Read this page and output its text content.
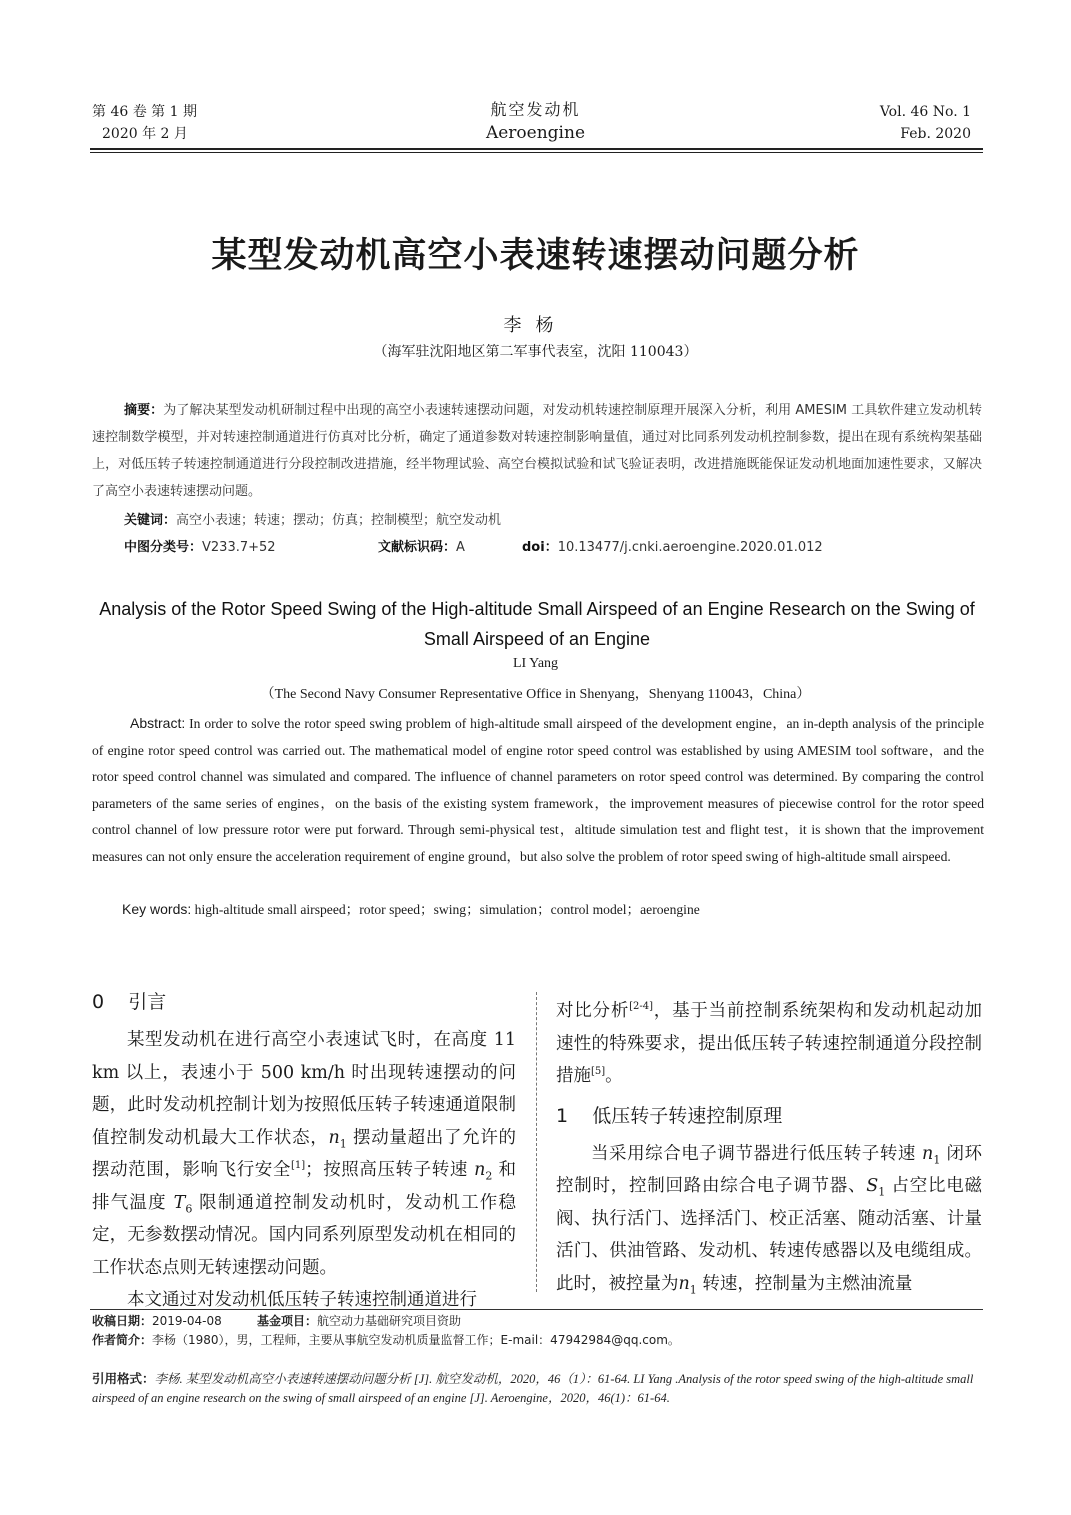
第 46 卷 第 1 期
2020 年 2 月
航空发动机
Aeroengine
Vol. 46 No. 1
Feb. 2020
某型发动机高空小表速转速摆动问题分析
李杨
（海军驻沈阳地区第二军事代表室，沈阳 110043）
摘要：为了解决某型发动机研制过程中出现的高空小表速转速摆动问题，对发动机转速控制原理开展深入分析，利用 AMESIM 工具软件建立发动机转速控制数学模型，并对转速控制通道进行仿真对比分析，确定了通道参数对转速控制影响量值，通过对比同系列发动机控制参数，提出在现有系统构架基础上，对低压转子转速控制通道进行分段控制改进措施，经半物理试验、高空台模拟试验和试飞验证表明，改进措施既能保证发动机地面加速性要求，又解决了高空小表速转速摆动问题。
关键词：高空小表速；转速；摆动；仿真；控制模型；航空发动机
中图分类号：V233.7+52	文献标识码：A	doi：10.13477/j.cnki.aeroengine.2020.01.012
Analysis of the Rotor Speed Swing of the High-altitude Small Airspeed of an Engine Research on the Swing of Small Airspeed of an Engine
LI Yang
（The Second Navy Consumer Representative Office in Shenyang，Shenyang 110043，China）
Abstract: In order to solve the rotor speed swing problem of high-altitude small airspeed of the development engine，an in-depth analysis of the principle of engine rotor speed control was carried out. The mathematical model of engine rotor speed control was established by using AMESIM tool software，and the rotor speed control channel was simulated and compared. The influence of channel parameters on rotor speed control was determined. By comparing the control parameters of the same series of engines，on the basis of the existing system framework，the improvement measures of piecewise control for the rotor speed control channel of low pressure rotor were put forward. Through semi-physical test，altitude simulation test and flight test，it is shown that the improvement measures can not only ensure the acceleration requirement of engine ground，but also solve the problem of rotor speed swing of high-altitude small airspeed.
Key words: high-altitude small airspeed；rotor speed；swing；simulation；control model；aeroengine
0    引言

某型发动机在进行高空小表速试飞时，在高度 11 km 以上，表速小于 500 km/h 时出现转速摆动的问题，此时发动机控制计划为按照低压转子转速通道限制值控制发动机最大工作状态，$n_1$ 摆动量超出了允许的摆动范围，影响飞行安全[1]；按照高压转子转速 $n_2$ 和排气温度 $T_6$ 限制通道控制发动机时，发动机工作稳定，无参数摆动情况。国内同系列原型发动机在相同的工作状态点则无转速摆动问题。

本文通过对发动机低压转子转速控制通道进行

对比分析[2-4]，基于当前控制系统架构和发动机起动加速性的特殊要求，提出低压转子转速控制通道分段控制措施[5]。

当采用综合电子调节器进行低压转子转速 $n_1$ 闭环控制时，控制回路由综合电子调节器、$S_1$ 占空比电磁阀、执行活门、选择活门、校正活塞、随动活塞、计量活门、供油管路、发动机、转速传感器以及电缆组成。此时，被控量为$n_1$ 转速，控制量为主燃油流量

1    低压转子转速控制原理
收稿日期：2019-04-08	基金项目：航空动力基础研究项目资助
作者简介：李杨（1980），男，工程师，主要从事航空发动机质量监督工作；E-mail：47942984@qq.com。
引用格式：李杨. 某型发动机高空小表速转速摆动问题分析 [J]. 航空发动机，2020，46（1）：61-64. LI Yang .Analysis of the rotor speed swing of the high-altitude small airspeed of an engine research on the swing of small airspeed of an engine [J]. Aeroengine，2020，46(1)：61-64.
